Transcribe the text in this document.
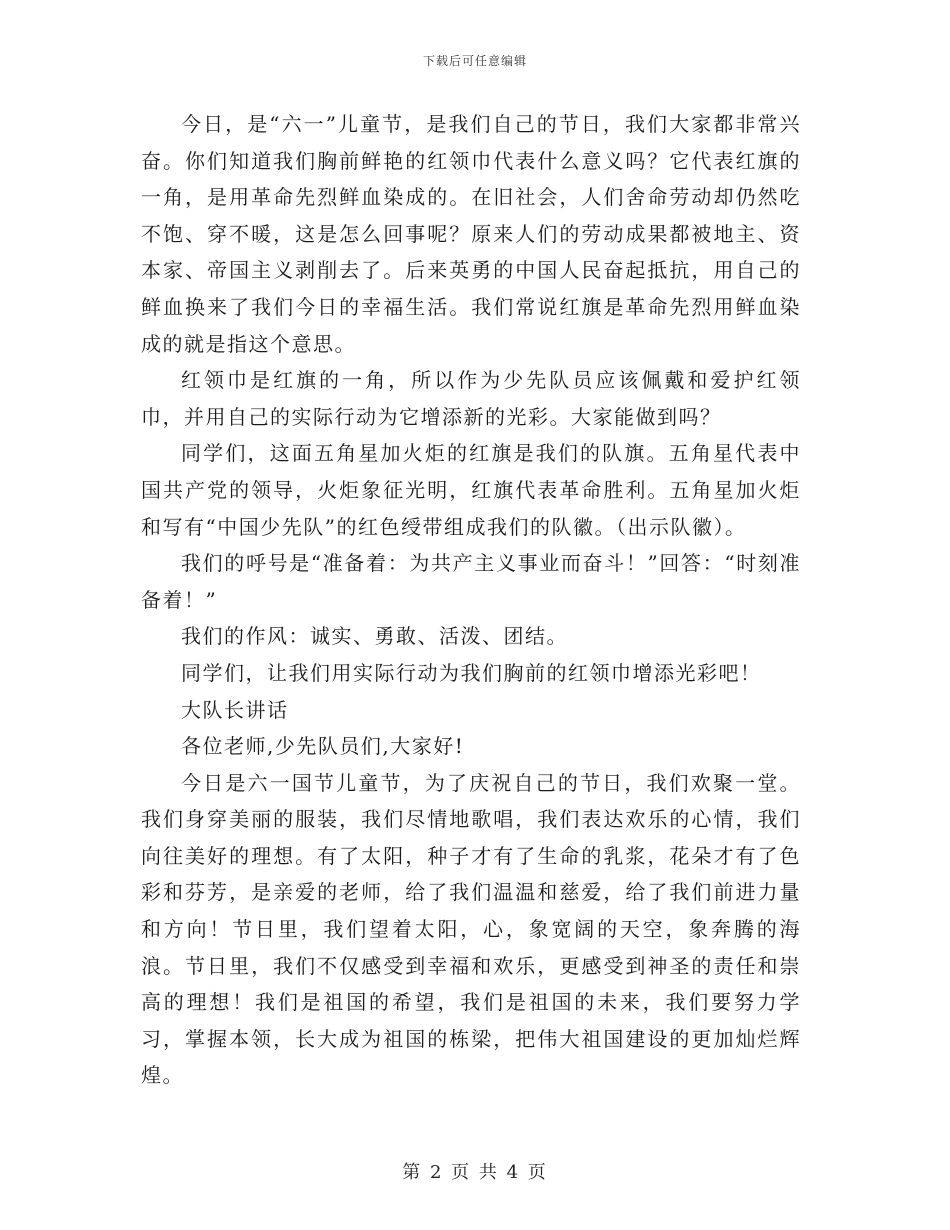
下载后可任意编辑

今日，是“六一”儿童节，是我们自己的节日，我们大家都非常兴奋。你们知道我们胸前鲜艳的红领巾代表什么意义吗？它代表红旗的一角，是用革命先烈鲜血染成的。在旧社会，人们舍命劳动却仍然吃不饱、穿不暖，这是怎么回事呢？原来人们的劳动成果都被地主、资本家、帝国主义剥削去了。后来英勇的中国人民奋起抵抗，用自己的鲜血换来了我们今日的幸福生活。我们常说红旗是革命先烈用鲜血染成的就是指这个意思。

红领巾是红旗的一角，所以作为少先队员应该佩戴和爱护红领巾，并用自己的实际行动为它增添新的光彩。大家能做到吗？

同学们，这面五角星加火炬的红旗是我们的队旗。五角星代表中国共产党的领导，火炬象征光明，红旗代表革命胜利。五角星加火炬和写有“中国少先队”的红色绶带组成我们的队徽。（出示队徽）。

我们的呼号是“准备着：为共产主义事业而奋斗！”回答：“时刻准备着！”

我们的作风：诚实、勇敢、活泼、团结。

同学们，让我们用实际行动为我们胸前的红领巾增添光彩吧！

大队长讲话

各位老师,少先队员们,大家好!

今日是六一国节儿童节，为了庆祝自己的节日，我们欢聚一堂。我们身穿美丽的服装，我们尽情地歌唱，我们表达欢乐的心情，我们向往美好的理想。有了太阳，种子才有了生命的乳浆，花朵才有了色彩和芬芳，是亲爱的老师，给了我们温温和慈爱，给了我们前进力量和方向！节日里，我们望着太阳，心，象宽阔的天空，象奔腾的海浪。节日里，我们不仅感受到幸福和欢乐，更感受到神圣的责任和崇高的理想！我们是祖国的希望，我们是祖国的未来，我们要努力学习，掌握本领，长大成为祖国的栋梁，把伟大祖国建设的更加灿烂辉煌。

第 2 页 共 4 页
